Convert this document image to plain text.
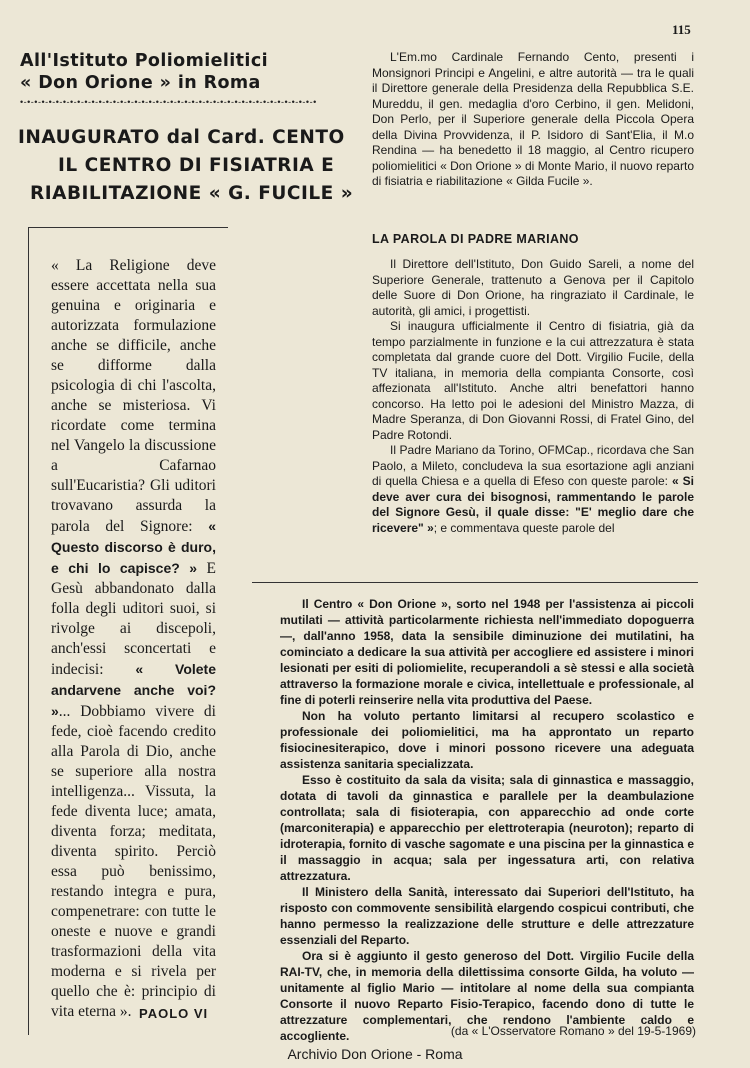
115
All'Istituto Poliomielitici
« Don Orione » in Roma
•-•-•-•-•-•-•-•-•-•-•-•-•-•-•-•-•-•-•-•-•-•-•-•-•-•-•-•-•-•-•-•-•-•-•-•-•-•-•-•-•-•
INAUGURATO dal Card. CENTO
IL CENTRO DI FISIATRIA E
RIABILITAZIONE « G. FUCILE »
« La Religione deve essere accettata nella sua genuina e originaria e autorizzata formulazione anche se difficile, anche se difforme dalla psicologia di chi l'ascolta, anche se misteriosa. Vi ricordate come termina nel Vangelo la discussione a Cafarnao sull'Eucaristia? Gli uditori trovavano assurda la parola del Signore: « Questo discorso è duro, e chi lo capisce? » E Gesù abbandonato dalla folla degli uditori suoi, si rivolge ai discepoli, anch'essi sconcertati e indecisi: « Volete andarvene anche voi? »... Dobbiamo vivere di fede, cioè facendo credito alla Parola di Dio, anche se superiore alla nostra intelligenza... Vissuta, la fede diventa luce; amata, diventa forza; meditata, diventa spirito. Perciò essa può benissimo, restando integra e pura, compenetrare: con tutte le oneste e nuove e grandi trasformazioni della vita moderna e si rivela per quello che è: principio di vita eterna ». PAOLO VI

L'Em.mo Cardinale Fernando Cento, presenti i Monsignori Principi e Angelini, e altre autorità — tra le quali il Direttore generale della Presidenza della Repubblica S.E. Mureddu, il gen. medaglia d'oro Cerbino, il gen. Melidoni, Don Perlo, per il Superiore generale della Piccola Opera della Divina Provvidenza, il P. Isidoro di Sant'Elia, il M.o Rendina — ha benedetto il 18 maggio, al Centro ricupero poliomielitici « Don Orione » di Monte Mario, il nuovo reparto di fisiatria e riabilitazione « Gilda Fucile ».

LA PAROLA DI PADRE MARIANO

Il Direttore dell'Istituto, Don Guido Sareli, a nome del Superiore Generale, trattenuto a Genova per il Capitolo delle Suore di Don Orione, ha ringraziato il Cardinale, le autorità, gli amici, i progettisti.

Si inaugura ufficialmente il Centro di fisiatria, già da tempo parzialmente in funzione e la cui attrezzatura è stata completata dal grande cuore del Dott. Virgilio Fucile, della TV italiana, in memoria della compianta Consorte, così affezionata all'Istituto. Anche altri benefattori hanno concorso. Ha letto poi le adesioni del Ministro Mazza, di Madre Speranza, di Don Giovanni Rossi, di Fratel Gino, del Padre Rotondi.

Il Padre Mariano da Torino, OFMCap., ricordava che San Paolo, a Mileto, concludeva la sua esortazione agli anziani di quella Chiesa e a quella di Efeso con queste parole: « Si deve aver cura dei bisognosi, rammentando le parole del Signore Gesù, il quale disse: "E' meglio dare che ricevere" »; e commentava queste parole del

Il Centro « Don Orione », sorto nel 1948 per l'assistenza ai piccoli mutilati — attività particolarmente richiesta nell'immediato dopoguerra —, dall'anno 1958, data la sensibile diminuzione dei mutilatini, ha cominciato a dedicare la sua attività per accogliere ed assistere i minori lesionati per esiti di poliomielite, recuperandoli a sè stessi e alla società attraverso la formazione morale e civica, intellettuale e professionale, al fine di poterli reinserire nella vita produttiva del Paese.

Non ha voluto pertanto limitarsi al recupero scolastico e professionale dei poliomielitici, ma ha approntato un reparto fisiocinesiterapico, dove i minori possono ricevere una adeguata assistenza sanitaria specializzata.

Esso è costituito da sala da visita; sala di ginnastica e massaggio, dotata di tavoli da ginnastica e parallele per la deambulazione controllata; sala di fisioterapia, con apparecchio ad onde corte (marconiterapia) e apparecchio per elettroterapia (neuroton); reparto di idroterapia, fornito di vasche sagomate e una piscina per la ginnastica e il massaggio in acqua; sala per ingessatura arti, con relativa attrezzatura.

Il Ministero della Sanità, interessato dai Superiori dell'Istituto, ha risposto con commovente sensibilità elargendo cospicui contributi, che hanno permesso la realizzazione delle strutture e delle attrezzature essenziali del Reparto.

Ora si è aggiunto il gesto generoso del Dott. Virgilio Fucile della RAI-TV, che, in memoria della dilettissima consorte Gilda, ha voluto — unitamente al figlio Mario — intitolare al nome della sua compianta Consorte il nuovo Reparto Fisio-Terapico, facendo dono di tutte le attrezzature complementari, che rendono l'ambiente caldo e accogliente.	(da « L'Osservatore Romano » del 19-5-1969)
Archivio Don Orione - Roma
